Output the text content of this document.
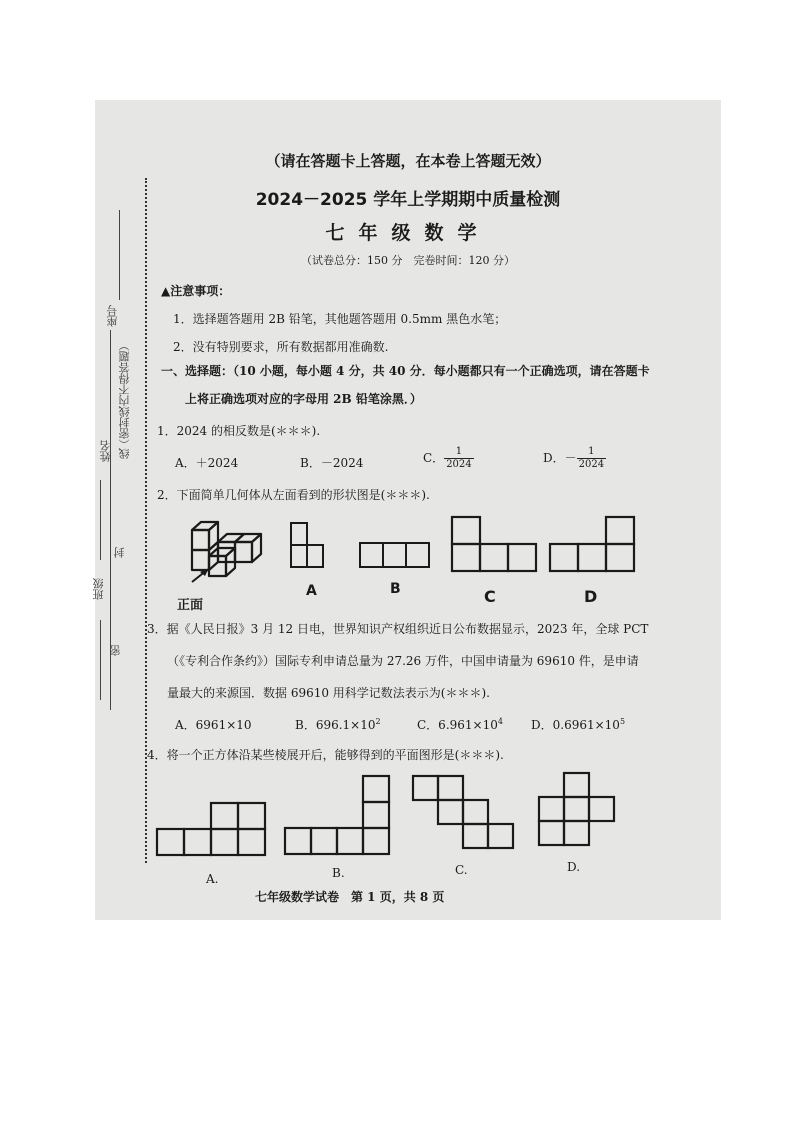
座号
（密封线内不得答题）
姓名 线
封
班级
密
（请在答题卡上答题，在本卷上答题无效）
2024－2025 学年上学期期中质量检测
七年级数学
（试卷总分：150 分　完卷时间：120 分）
▲注意事项：
1．选择题答题用 2B 铅笔，其他题答题用 0.5mm 黑色水笔；
2．没有特别要求，所有数据都用准确数.
一、选择题：（10 小题，每小题 4 分，共 40 分．每小题都只有一个正确选项，请在答题卡
上将正确选项对应的字母用 2B 铅笔涂黑．）
1．2024 的相反数是(＊＊＊).
A．＋2024	B．－2024	C． $\frac{1}{2024}$	D．－ $\frac{1}{2024}$
2．下面简单几何体从左面看到的形状图是(＊＊＊).
正面
A	B	C	D
3．据《人民日报》3 月 12 日电，世界知识产权组织近日公布数据显示，2023 年，全球 PCT
（《专利合作条约》）国际专利申请总量为 27.26 万件，中国申请量为 69610 件，是申请
量最大的来源国．数据 69610 用科学记数法表示为(＊＊＊).
A．6961×10	B．$696.1\times 10^2$	C．$6.961\times 10^4$ D．$0.6961\times 10^5$
4．将一个正方体沿某些棱展开后，能够得到的平面图形是(＊＊＊).
A.	B.	C.	D.
七年级数学试卷　第 1 页，共 8 页
